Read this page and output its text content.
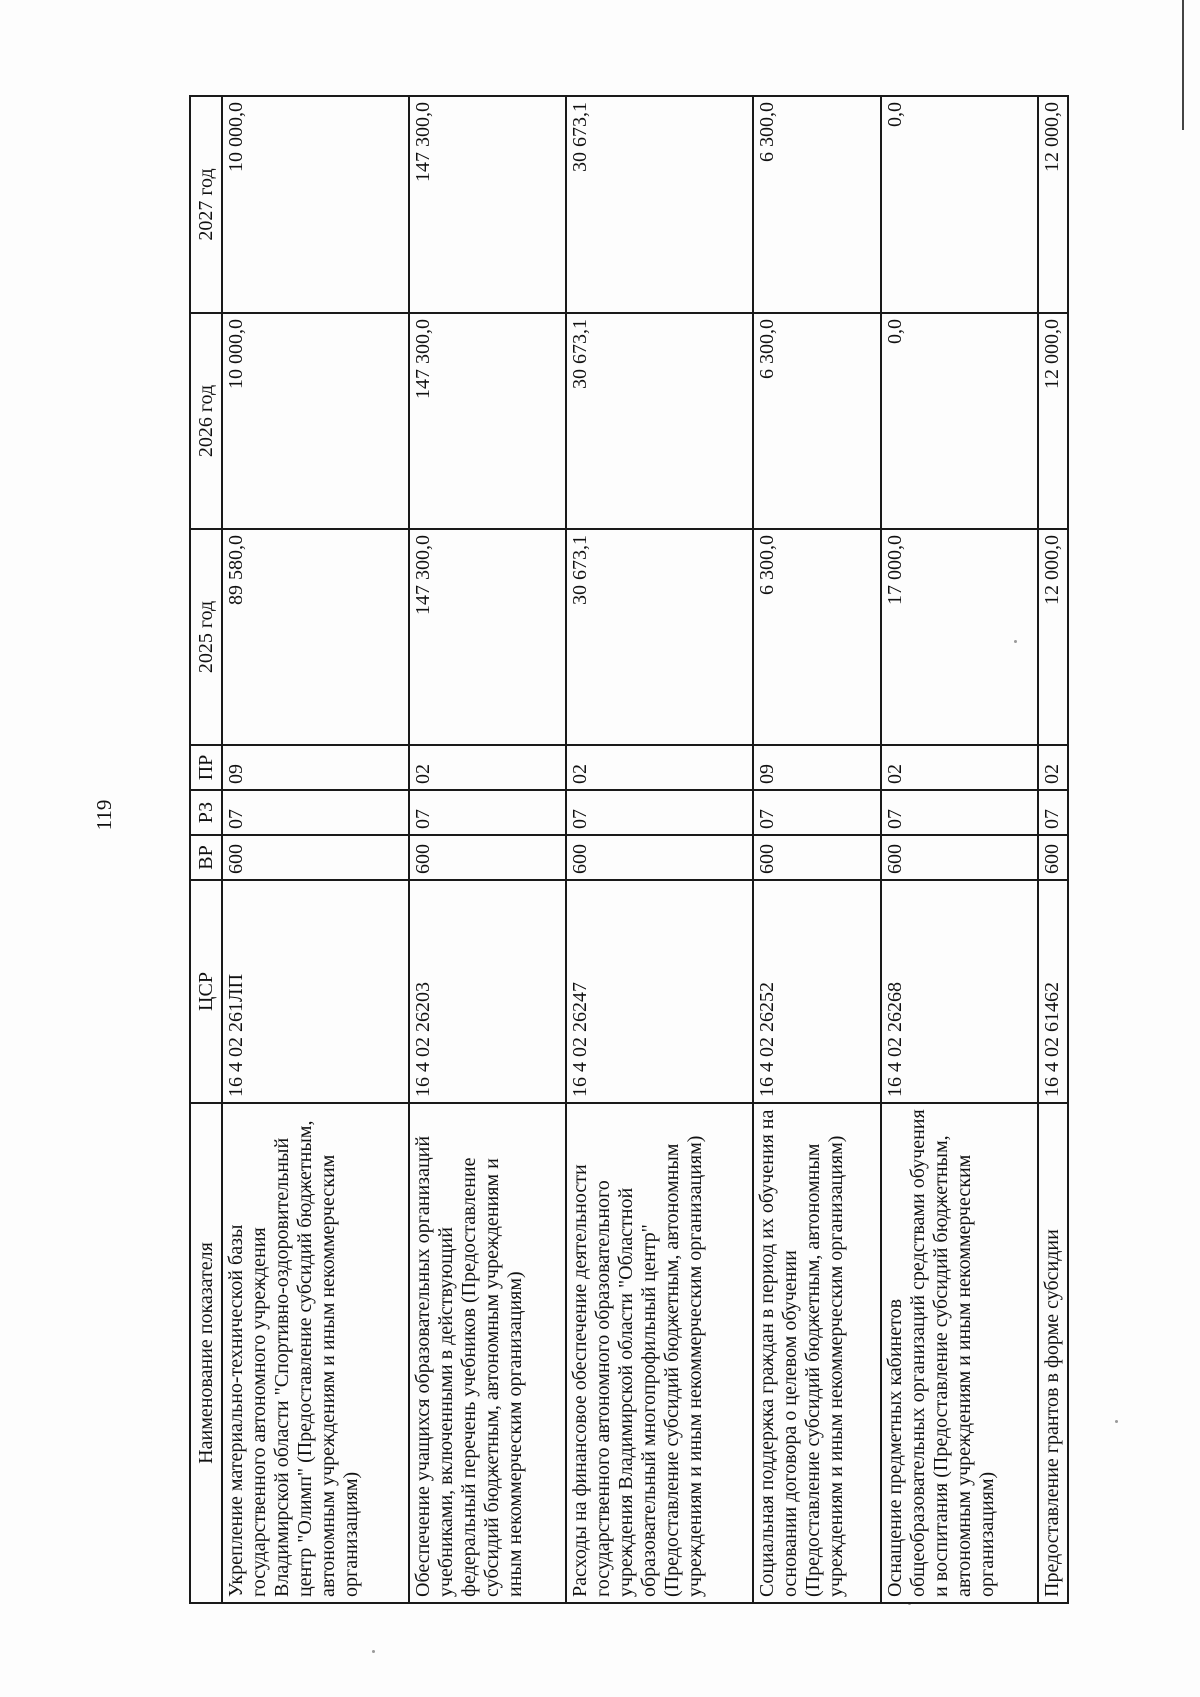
119
Наименование показателя	ЦСР	ВР	РЗ	ПР	2025 год	2026 год	2027 год
Укрепление материально-технической базы государственного автономного учреждения Владимирской области "Спортивно-оздоровительный центр "Олимп" (Предоставление субсидий бюджетным, автономным учреждениям и иным некоммерческим организациям)	16 4 02 261ЛП	600	07	09	89 580,0	10 000,0	10 000,0
Обеспечение учащихся образовательных организаций учебниками, включенными в действующий федеральный перечень учебников (Предоставление субсидий бюджетным, автономным учреждениям и иным некоммерческим организациям)	16 4 02 26203	600	07	02	147 300,0	147 300,0	147 300,0
Расходы на финансовое обеспечение деятельности государственного автономного образовательного учреждения Владимирской области "Областной образовательный многопрофильный центр" (Предоставление субсидий бюджетным, автономным учреждениям и иным некоммерческим организациям)	16 4 02 26247	600	07	02	30 673,1	30 673,1	30 673,1
Социальная поддержка граждан в период их обучения на основании договора о целевом обучении (Предоставление субсидий бюджетным, автономным учреждениям и иным некоммерческим организациям)	16 4 02 26252	600	07	09	6 300,0	6 300,0	6 300,0
Оснащение предметных кабинетов общеобразовательных организаций средствами обучения и воспитания (Предоставление субсидий бюджетным, автономным учреждениям и иным некоммерческим организациям)	16 4 02 26268	600	07	02	17 000,0	0,0	0,0
Предоставление грантов в форме субсидии	16 4 02 61462	600	07	02	12 000,0	12 000,0	12 000,0
